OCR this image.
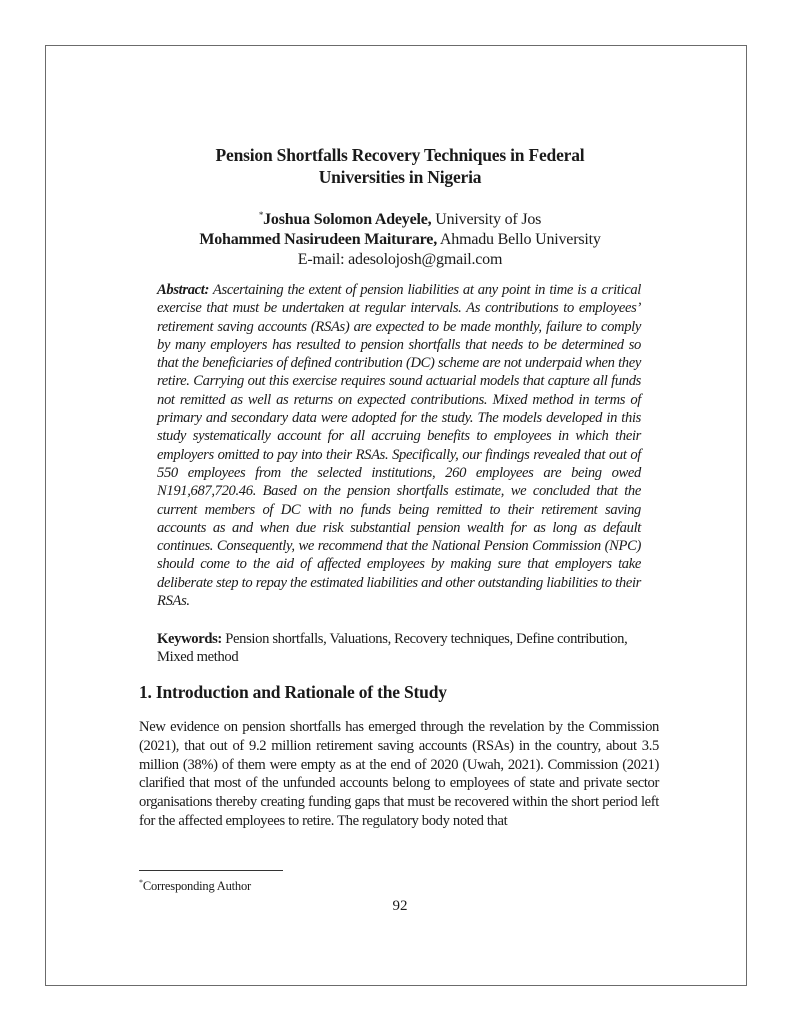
Pension Shortfalls Recovery Techniques in Federal
Universities in Nigeria
*Joshua Solomon Adeyele, University of Jos
Mohammed Nasirudeen Maiturare, Ahmadu Bello University
E-mail: adesolojosh@gmail.com
Abstract: Ascertaining the extent of pension liabilities at any point in time is a critical exercise that must be undertaken at regular intervals. As contributions to employees’ retirement saving accounts (RSAs) are expected to be made monthly, failure to comply by many employers has resulted to pension shortfalls that needs to be determined so that the beneficiaries of defined contribution (DC) scheme are not underpaid when they retire. Carrying out this exercise requires sound actuarial models that capture all funds not remitted as well as returns on expected contributions. Mixed method in terms of primary and secondary data were adopted for the study. The models developed in this study systematically account for all accruing benefits to employees in which their employers omitted to pay into their RSAs. Specifically, our findings revealed that out of 550 employees from the selected institutions, 260 employees are being owed N191,687,720.46. Based on the pension shortfalls estimate, we concluded that the current members of DC with no funds being remitted to their retirement saving accounts as and when due risk substantial pension wealth for as long as default continues. Consequently, we recommend that the National Pension Commission (NPC) should come to the aid of affected employees by making sure that employers take deliberate step to repay the estimated liabilities and other outstanding liabilities to their RSAs.
Keywords: Pension shortfalls, Valuations, Recovery techniques, Define contribution, Mixed method
1. Introduction and Rationale of the Study
New evidence on pension shortfalls has emerged through the revelation by the Commission (2021), that out of 9.2 million retirement saving accounts (RSAs) in the country, about 3.5 million (38%) of them were empty as at the end of 2020 (Uwah, 2021). Commission (2021) clarified that most of the unfunded accounts belong to employees of state and private sector organisations thereby creating funding gaps that must be recovered within the short period left for the affected employees to retire. The regulatory body noted that
*Corresponding Author
92
